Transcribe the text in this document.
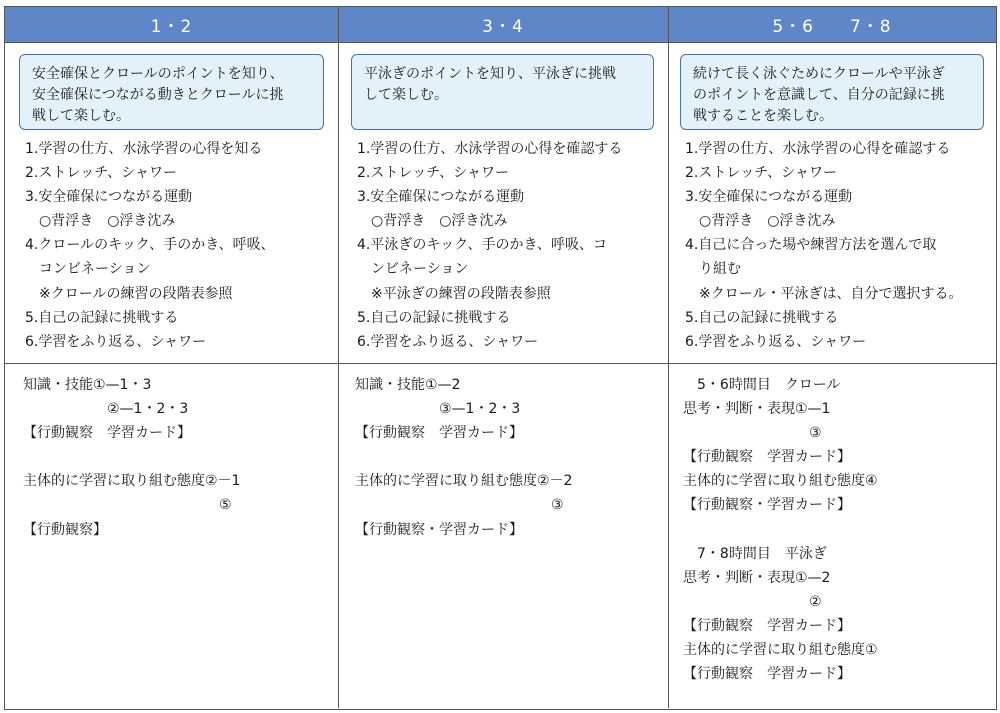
1・2	3・4	5・6　　7・8
安全確保とクロールのポイントを知り、
安全確保につながる動きとクロールに挑
戦して楽しむ。
1.学習の仕方、水泳学習の心得を知る
2.ストレッチ、シャワー
3.安全確保につながる運動
　○背浮き　○浮き沈み
4.クロールのキック、手のかき、呼吸、
　コンビネーション
　※クロールの練習の段階表参照
5.自己の記録に挑戦する
6.学習をふり返る、シャワー
知識・技能①—1・3
　　　　　　②—1・2・3
【行動観察　学習カード】
主体的に学習に取り組む態度②－1
　　　　　　　　　　　　　　⑤
【行動観察】
平泳ぎのポイントを知り、平泳ぎに挑戦
して楽しむ。
1.学習の仕方、水泳学習の心得を確認する
2.ストレッチ、シャワー
3.安全確保につながる運動
　○背浮き　○浮き沈み
4.平泳ぎのキック、手のかき、呼吸、コ
　ンビネーション
　※平泳ぎの練習の段階表参照
5.自己の記録に挑戦する
6.学習をふり返る、シャワー
知識・技能①—2
　　　　　　③—1・2・3
【行動観察　学習カード】
主体的に学習に取り組む態度②－2
　　　　　　　　　　　　　　③
【行動観察・学習カード】
続けて長く泳ぐためにクロールや平泳ぎ
のポイントを意識して、自分の記録に挑
戦することを楽しむ。
1.学習の仕方、水泳学習の心得を確認する
2.ストレッチ、シャワー
3.安全確保につながる運動
　○背浮き　○浮き沈み
4.自己に合った場や練習方法を選んで取
　り組む
　※クロール・平泳ぎは、自分で選択する。
5.自己の記録に挑戦する
6.学習をふり返る、シャワー
　5・6時間目　クロール
思考・判断・表現①—1
　　　　　　　　　③
【行動観察　学習カード】
主体的に学習に取り組む態度④
【行動観察・学習カード】
　7・8時間目　平泳ぎ
思考・判断・表現①—2
　　　　　　　　　②
【行動観察　学習カード】
主体的に学習に取り組む態度①
【行動観察　学習カード】
